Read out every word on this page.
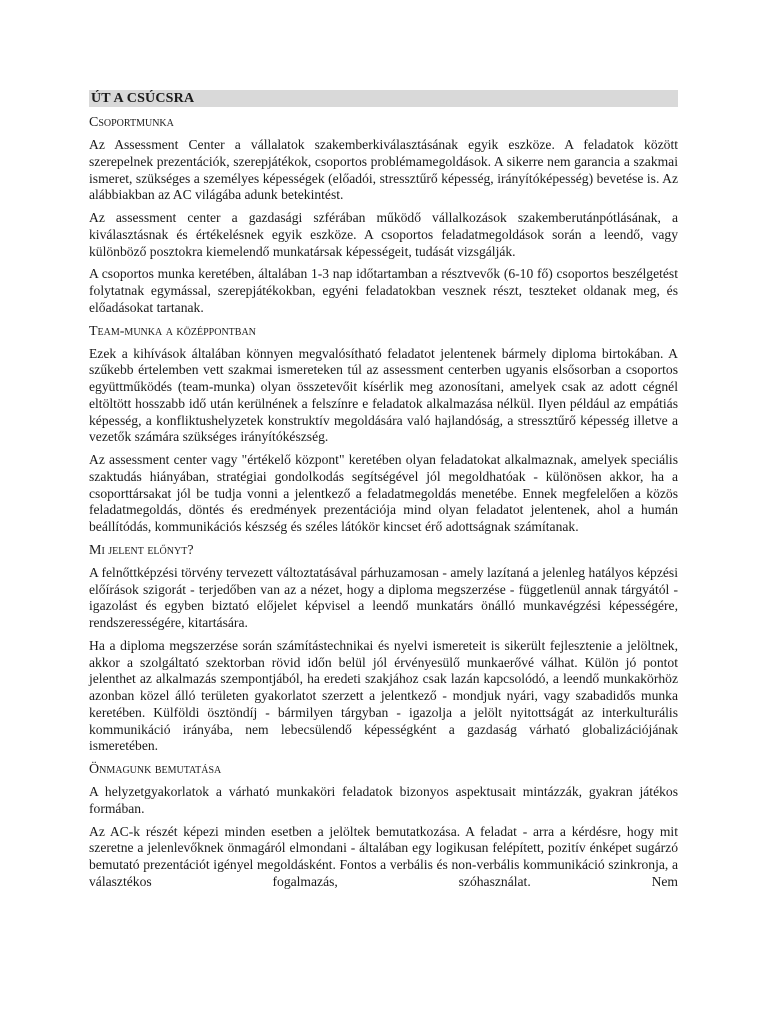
ÚT A CSÚCSRA
Csoportmunka

Az Assessment Center a vállalatok szakemberkiválasztásának egyik eszköze. A feladatok között szerepelnek prezentációk, szerepjátékok, csoportos problémamegoldások. A sikerre nem garancia a szakmai ismeret, szükséges a személyes képességek (előadói, stressztűrő képesség, irányítóképesség) bevetése is. Az alábbiakban az AC világába adunk betekintést.

Az assessment center a gazdasági szférában működő vállalkozások szakemberutánpótlásának, a kiválasztásnak és értékelésnek egyik eszköze. A csoportos feladatmegoldások során a leendő, vagy különböző posztokra kiemelendő munkatársak képességeit, tudását vizsgálják.

A csoportos munka keretében, általában 1-3 nap időtartamban a résztvevők (6-10 fő) csoportos beszélgetést folytatnak egymással, szerepjátékokban, egyéni feladatokban vesznek részt, teszteket oldanak meg, és előadásokat tartanak.

Team-munka a középpontban

Ezek a kihívások általában könnyen megvalósítható feladatot jelentenek bármely diploma birtokában. A szűkebb értelemben vett szakmai ismereteken túl az assessment centerben ugyanis elsősorban a csoportos együttműködés (team-munka) olyan összetevőit kísérlik meg azonosítani, amelyek csak az adott cégnél eltöltött hosszabb idő után kerülnének a felszínre e feladatok alkalmazása nélkül. Ilyen például az empátiás képesség, a konfliktushelyzetek konstruktív megoldására való hajlandóság, a stressztűrő képesség illetve a vezetők számára szükséges irányítókészség.

Az assessment center vagy "értékelő központ" keretében olyan feladatokat alkalmaznak, amelyek speciális szaktudás hiányában, stratégiai gondolkodás segítségével jól megoldhatóak - különösen akkor, ha a csoporttársakat jól be tudja vonni a jelentkező a feladatmegoldás menetébe. Ennek megfelelően a közös feladatmegoldás, döntés és eredmények prezentációja mind olyan feladatot jelentenek, ahol a humán beállítódás, kommunikációs készség és széles látókör kincset érő adottságnak számítanak.

Mi jelent előnyt?

A felnőttképzési törvény tervezett változtatásával párhuzamosan - amely lazítaná a jelenleg hatályos képzési előírások szigorát - terjedőben van az a nézet, hogy a diploma megszerzése - függetlenül annak tárgyától - igazolást és egyben biztató előjelet képvisel a leendő munkatárs önálló munkavégzési képességére, rendszerességére, kitartására.

Ha a diploma megszerzése során számítástechnikai és nyelvi ismereteit is sikerült fejlesztenie a jelöltnek, akkor a szolgáltató szektorban rövid időn belül jól érvényesülő munkaerővé válhat. Külön jó pontot jelenthet az alkalmazás szempontjából, ha eredeti szakjához csak lazán kapcsolódó, a leendő munkakörhöz azonban közel álló területen gyakorlatot szerzett a jelentkező - mondjuk nyári, vagy szabadidős munka keretében. Külföldi ösztöndíj - bármilyen tárgyban - igazolja a jelölt nyitottságát az interkulturális kommunikáció irányába, nem lebecsülendő képességként a gazdaság várható globalizációjának ismeretében.

Önmagunk bemutatása

A helyzetgyakorlatok a várható munkaköri feladatok bizonyos aspektusait mintázzák, gyakran játékos formában.

Az AC-k részét képezi minden esetben a jelöltek bemutatkozása. A feladat - arra a kérdésre, hogy mit szeretne a jelenlevőknek önmagáról elmondani - általában egy logikusan felépített, pozitív énképet sugárzó bemutató prezentációt igényel megoldásként. Fontos a verbális és non-verbális kommunikáció szinkronja, a választékos fogalmazás, szóhasználat. Nem
